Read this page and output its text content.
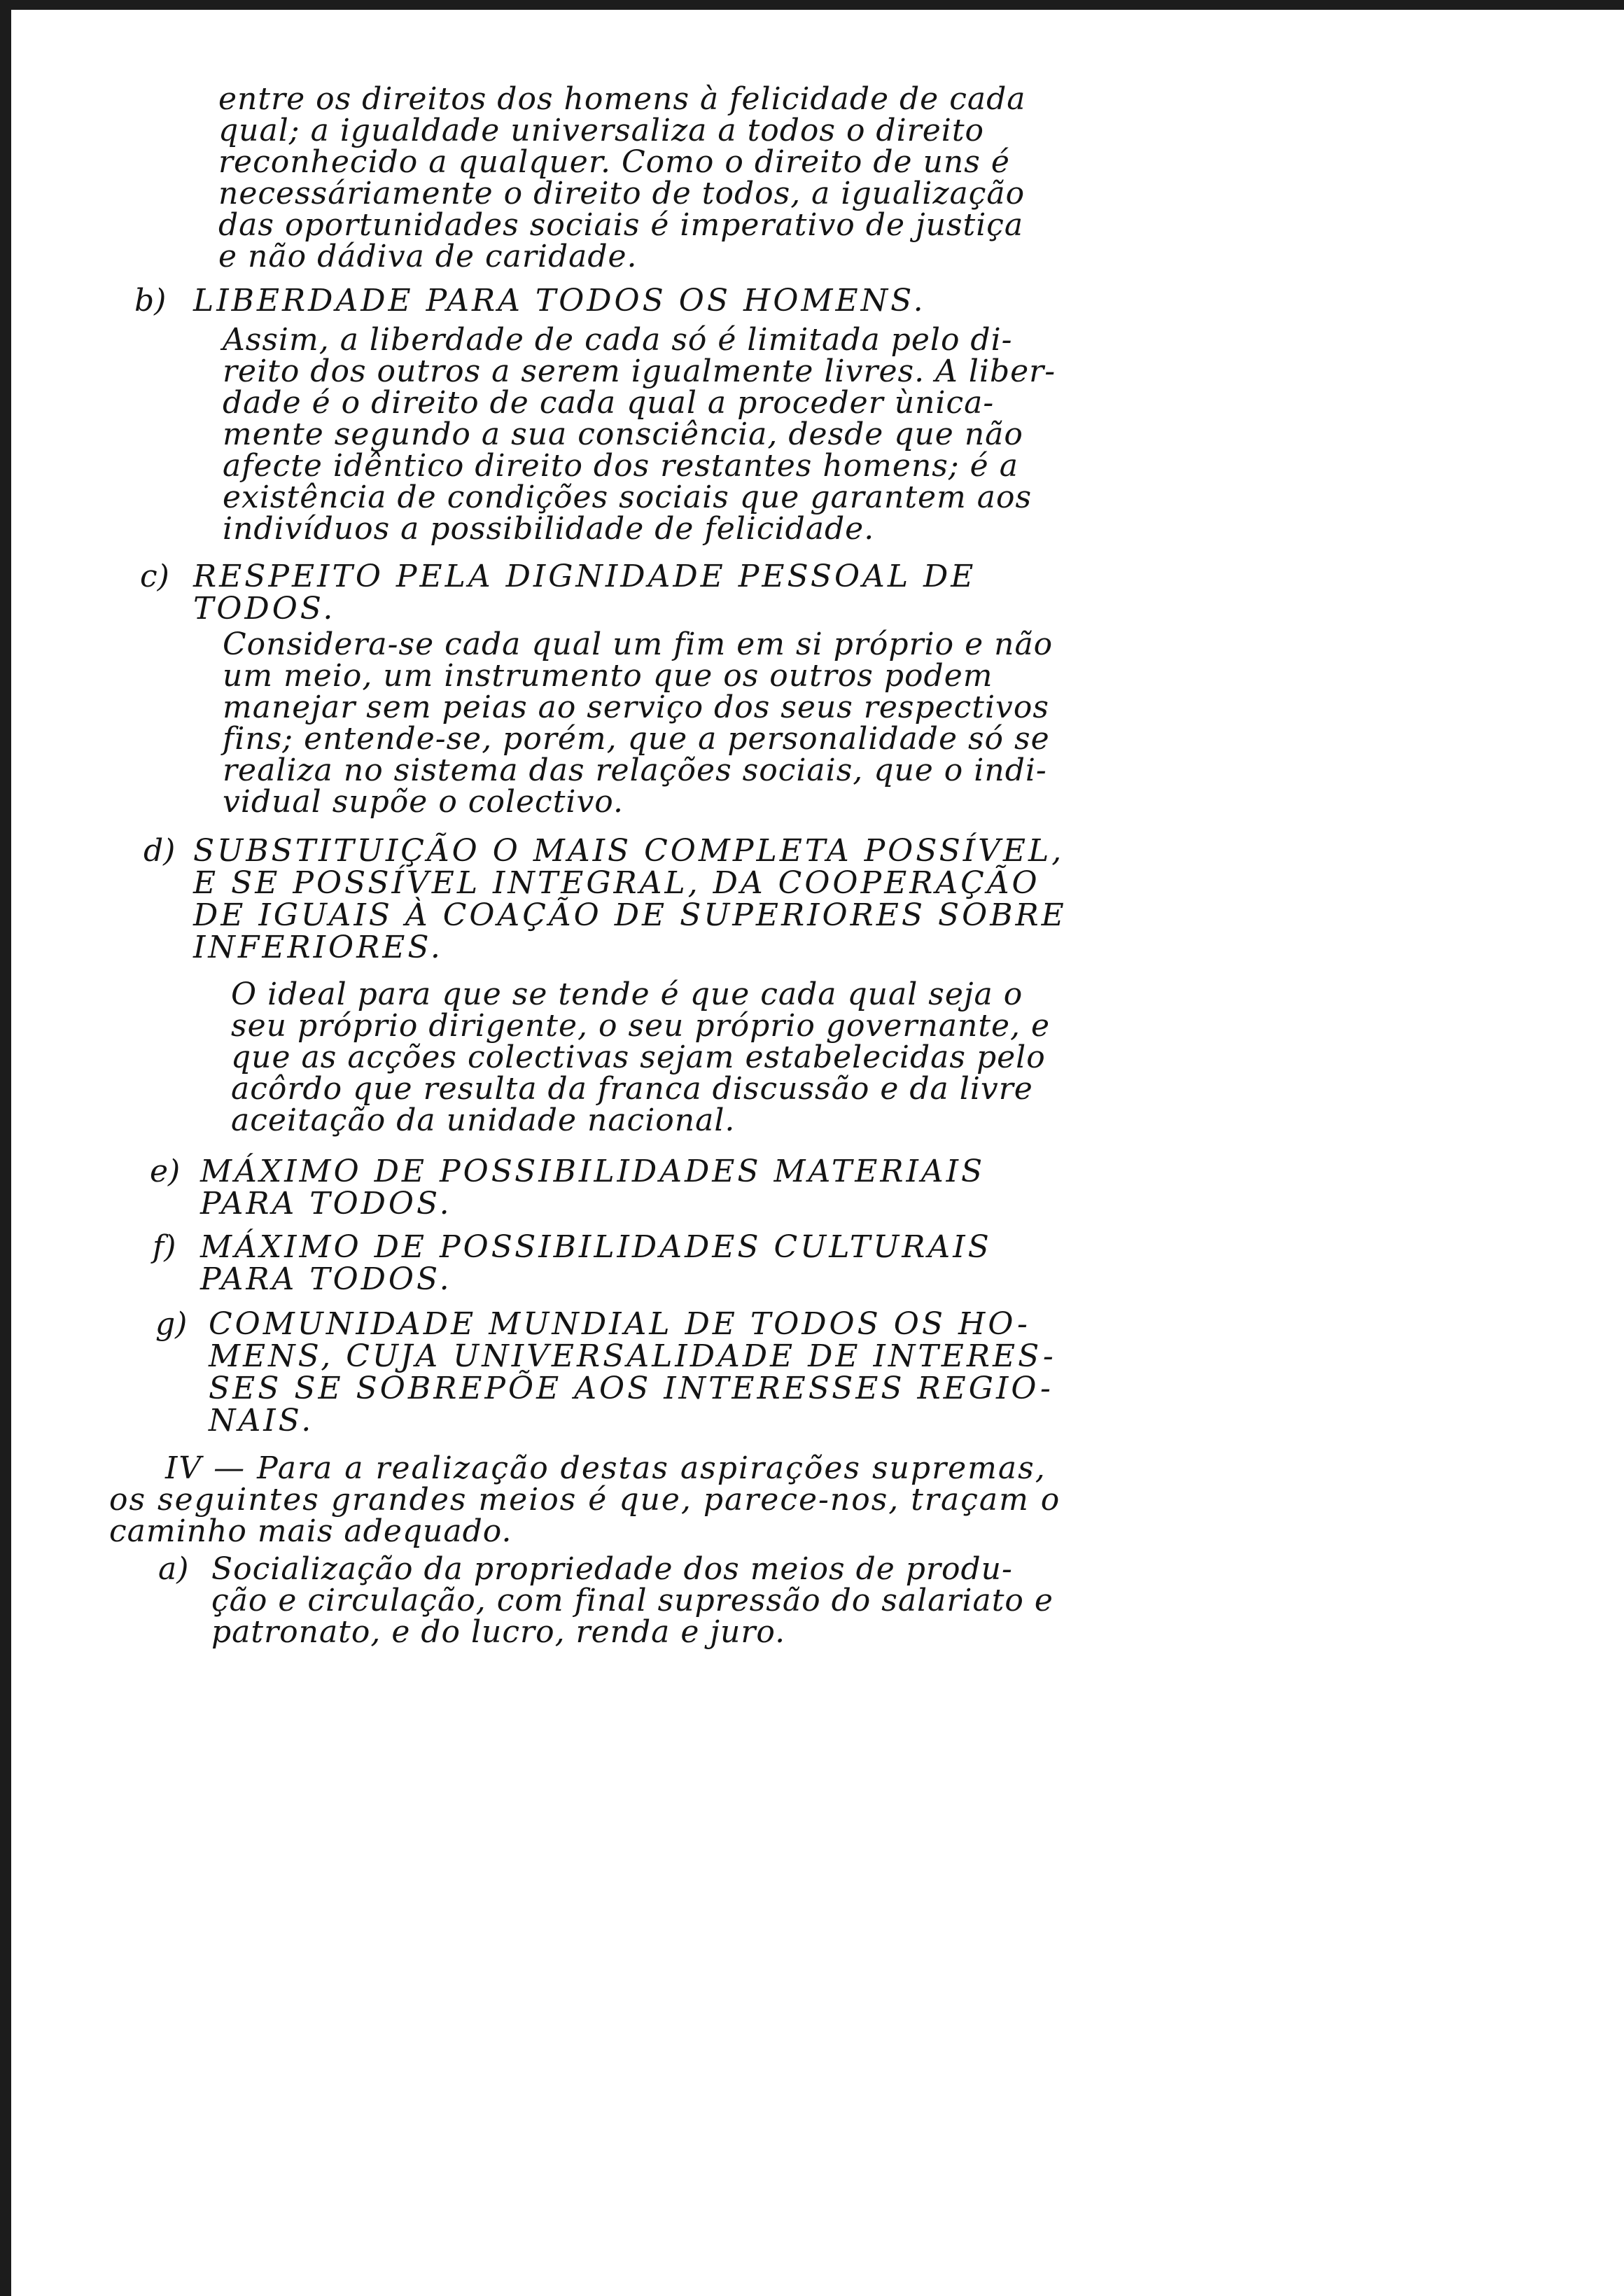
entre os direitos dos homens à felicidade de cada

qual; a igualdade universaliza a todos o direito

reconhecido a qualquer. Como o direito de uns é

necessáriamente o direito de todos, a igualização

das oportunidades sociais é imperativo de justiça

e não dádiva de caridade.

b) LIBERDADE PARA TODOS OS HOMENS.

Assim, a liberdade de cada só é limitada pelo di-

reito dos outros a serem igualmente livres. A liber-

dade é o direito de cada qual a proceder ùnica-

mente segundo a sua consciência, desde que não

afecte idêntico direito dos restantes homens; é a

existência de condições sociais que garantem aos

indivíduos a possibilidade de felicidade.

c) RESPEITO PELA DIGNIDADE PESSOAL DE

TODOS.

Considera-se cada qual um fim em si próprio e não

um meio, um instrumento que os outros podem

manejar sem peias ao serviço dos seus respectivos

fins; entende-se, porém, que a personalidade só se

realiza no sistema das relações sociais, que o indi-

vidual supõe o colectivo.

d) SUBSTITUIÇÃO O MAIS COMPLETA POSSÍVEL,

E SE POSSÍVEL INTEGRAL, DA COOPERAÇÃO

DE IGUAIS À COAÇÃO DE SUPERIORES SOBRE

INFERIORES.

O ideal para que se tende é que cada qual seja o

seu próprio dirigente, o seu próprio governante, e

que as acções colectivas sejam estabelecidas pelo

acôrdo que resulta da franca discussão e da livre

aceitação da unidade nacional.

e) MÁXIMO DE POSSIBILIDADES MATERIAIS

PARA TODOS.

f) MÁXIMO DE POSSIBILIDADES CULTURAIS

PARA TODOS.

g) COMUNIDADE MUNDIAL DE TODOS OS HO-

MENS, CUJA UNIVERSALIDADE DE INTERES-

SES SE SOBREPÕE AOS INTERESSES REGIO-

NAIS.

IV — Para a realização destas aspirações supremas,

os seguintes grandes meios é que, parece-nos, traçam o

caminho mais adequado.

a) Socialização da propriedade dos meios de produ-

ção e circulação, com final supressão do salariato e

patronato, e do lucro, renda e juro.
